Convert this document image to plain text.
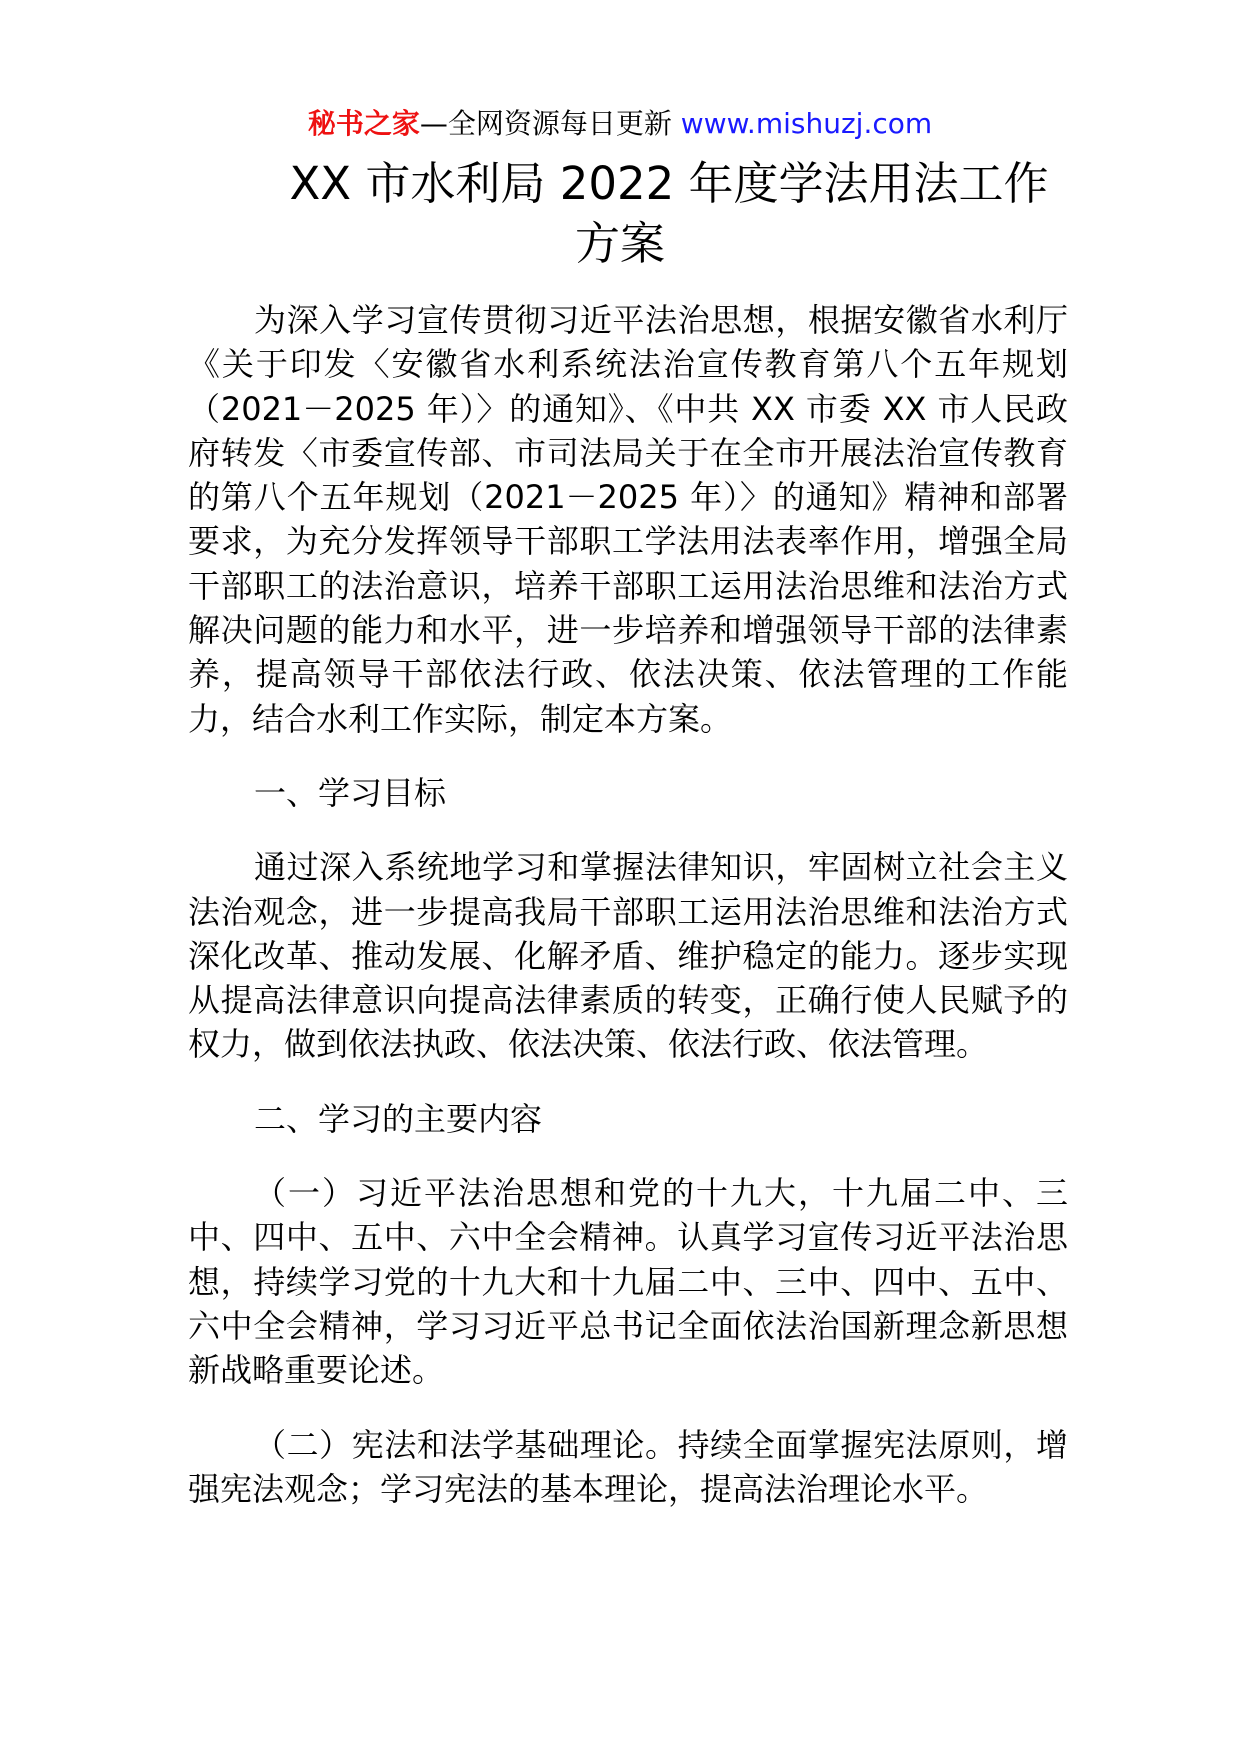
秘书之家—全网资源每日更新 www.mishuzj.com
XX 市水利局 2022 年度学法用法工作
方案

为深入学习宣传贯彻习近平法治思想，根据安徽省水利厅《关于印发〈安徽省水利系统法治宣传教育第八个五年规划（2021－2025 年）〉的通知》、《中共 XX 市委 XX 市人民政府转发〈市委宣传部、市司法局关于在全市开展法治宣传教育的第八个五年规划（2021－2025 年）〉的通知》精神和部署要求，为充分发挥领导干部职工学法用法表率作用，增强全局干部职工的法治意识，培养干部职工运用法治思维和法治方式解决问题的能力和水平，进一步培养和增强领导干部的法律素养，提高领导干部依法行政、依法决策、依法管理的工作能力，结合水利工作实际，制定本方案。

一、学习目标

通过深入系统地学习和掌握法律知识，牢固树立社会主义法治观念，进一步提高我局干部职工运用法治思维和法治方式深化改革、推动发展、化解矛盾、维护稳定的能力。逐步实现从提高法律意识向提高法律素质的转变，正确行使人民赋予的权力，做到依法执政、依法决策、依法行政、依法管理。

二、学习的主要内容

（一）习近平法治思想和党的十九大，十九届二中、三中、四中、五中、六中全会精神。认真学习宣传习近平法治思想，持续学习党的十九大和十九届二中、三中、四中、五中、六中全会精神，学习习近平总书记全面依法治国新理念新思想新战略重要论述。

（二）宪法和法学基础理论。持续全面掌握宪法原则，增强宪法观念；学习宪法的基本理论，提高法治理论水平。
